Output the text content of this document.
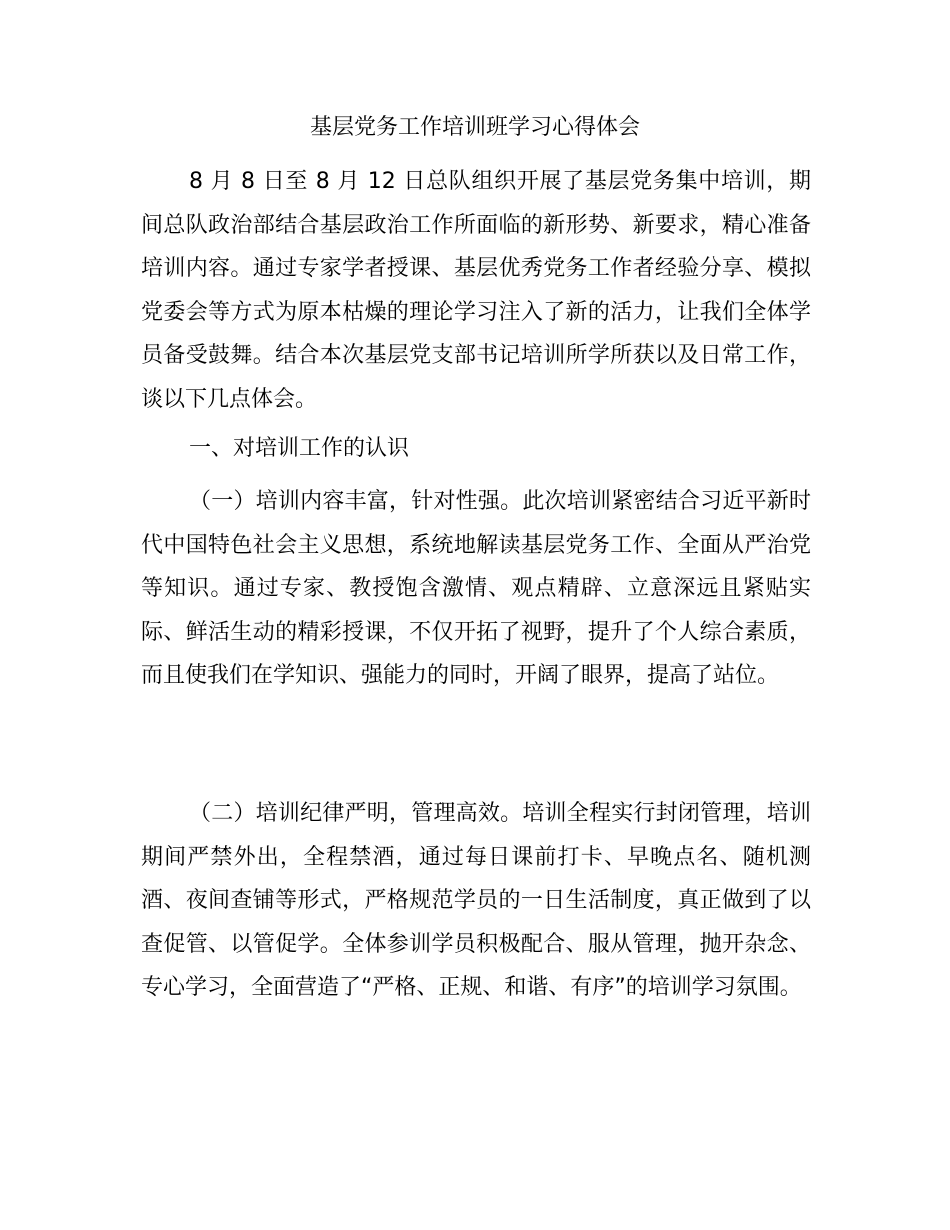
基层党务工作培训班学习心得体会

8 月 8 日至 8 月 12 日总队组织开展了基层党务集中培训，期间总队政治部结合基层政治工作所面临的新形势、新要求，精心准备培训内容。通过专家学者授课、基层优秀党务工作者经验分享、模拟党委会等方式为原本枯燥的理论学习注入了新的活力，让我们全体学员备受鼓舞。结合本次基层党支部书记培训所学所获以及日常工作，谈以下几点体会。

一、对培训工作的认识

（一）培训内容丰富，针对性强。此次培训紧密结合习近平新时代中国特色社会主义思想，系统地解读基层党务工作、全面从严治党等知识。通过专家、教授饱含激情、观点精辟、立意深远且紧贴实际、鲜活生动的精彩授课，不仅开拓了视野，提升了个人综合素质，而且使我们在学知识、强能力的同时，开阔了眼界，提高了站位。

（二）培训纪律严明，管理高效。培训全程实行封闭管理，培训期间严禁外出，全程禁酒，通过每日课前打卡、早晚点名、随机测酒、夜间查铺等形式，严格规范学员的一日生活制度，真正做到了以查促管、以管促学。全体参训学员积极配合、服从管理，抛开杂念、专心学习，全面营造了“严格、正规、和谐、有序”的培训学习氛围。
